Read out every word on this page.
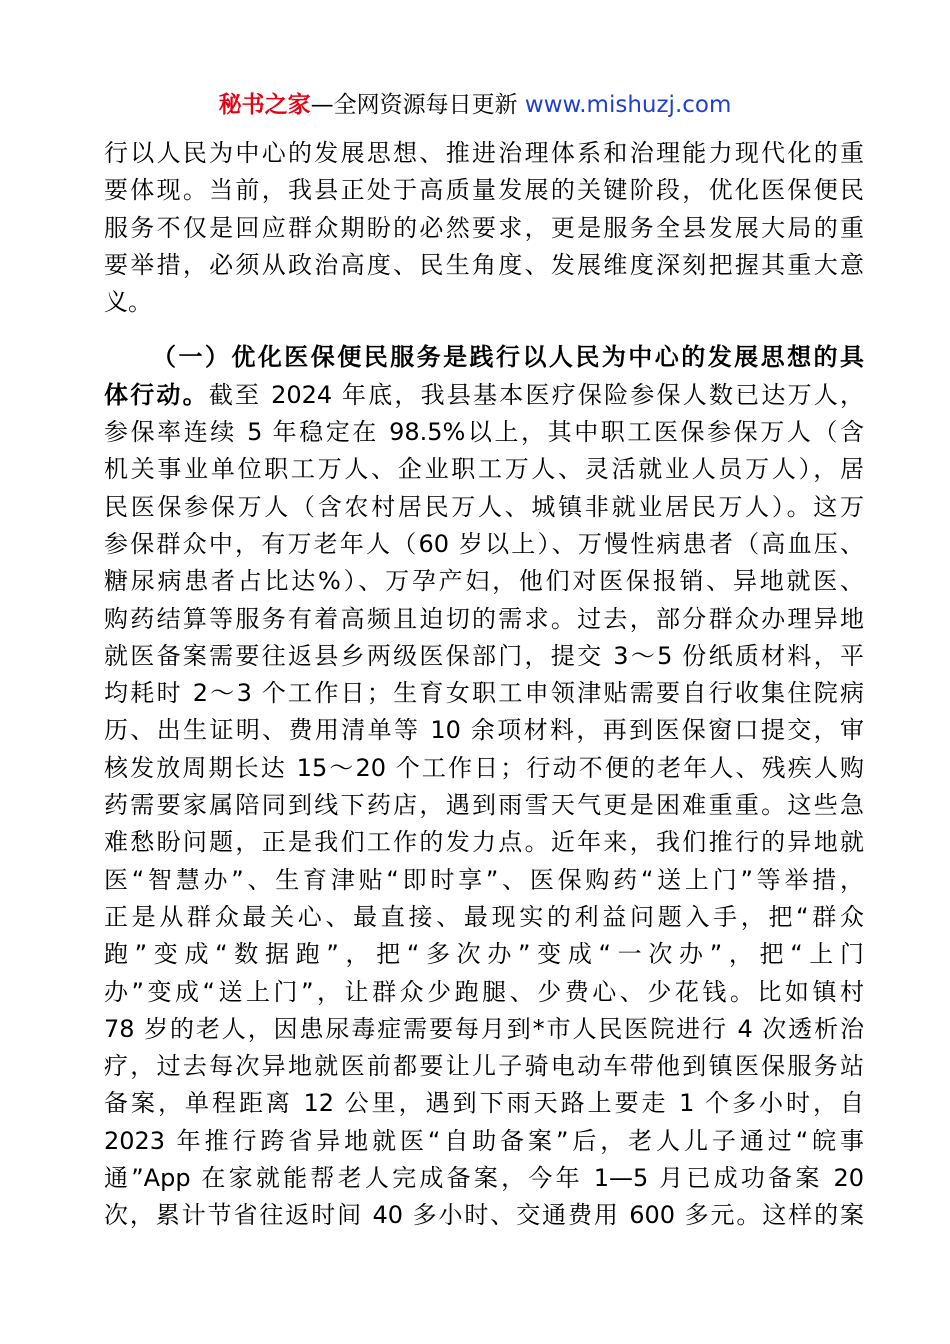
秘书之家—全网资源每日更新 www.mishuzj.com
行以人民为中心的发展思想、推进治理体系和治理能力现代化的重
要体现。当前，我县正处于高质量发展的关键阶段，优化医保便民
服务不仅是回应群众期盼的必然要求，更是服务全县发展大局的重
要举措，必须从政治高度、民生角度、发展维度深刻把握其重大意
义。
（一）优化医保便民服务是践行以人民为中心的发展思想的具
体行动。截至 2024 年底，我县基本医疗保险参保人数已达万人，
参保率连续 5 年稳定在 98.5%以上，其中职工医保参保万人（含
机关事业单位职工万人、企业职工万人、灵活就业人员万人），居
民医保参保万人（含农村居民万人、城镇非就业居民万人）。这万
参保群众中，有万老年人（60 岁以上）、万慢性病患者（高血压、
糖尿病患者占比达%）、万孕产妇，他们对医保报销、异地就医、
购药结算等服务有着高频且迫切的需求。过去，部分群众办理异地
就医备案需要往返县乡两级医保部门，提交 3～5 份纸质材料，平
均耗时 2～3 个工作日；生育女职工申领津贴需要自行收集住院病
历、出生证明、费用清单等 10 余项材料，再到医保窗口提交，审
核发放周期长达 15～20 个工作日；行动不便的老年人、残疾人购
药需要家属陪同到线下药店，遇到雨雪天气更是困难重重。这些急
难愁盼问题，正是我们工作的发力点。近年来，我们推行的异地就
医“智慧办”、生育津贴“即时享”、医保购药“送上门”等举措，
正是从群众最关心、最直接、最现实的利益问题入手，把“群众
跑”变成“数据跑”，把“多次办”变成“一次办”，把“上门
办”变成“送上门”，让群众少跑腿、少费心、少花钱。比如镇村
78 岁的老人，因患尿毒症需要每月到*市人民医院进行 4 次透析治
疗，过去每次异地就医前都要让儿子骑电动车带他到镇医保服务站
备案，单程距离 12 公里，遇到下雨天路上要走 1 个多小时，自
2023 年推行跨省异地就医“自助备案”后，老人儿子通过“皖事
通”App 在家就能帮老人完成备案，今年 1—5 月已成功备案 20
次，累计节省往返时间 40 多小时、交通费用 600 多元。这样的案
